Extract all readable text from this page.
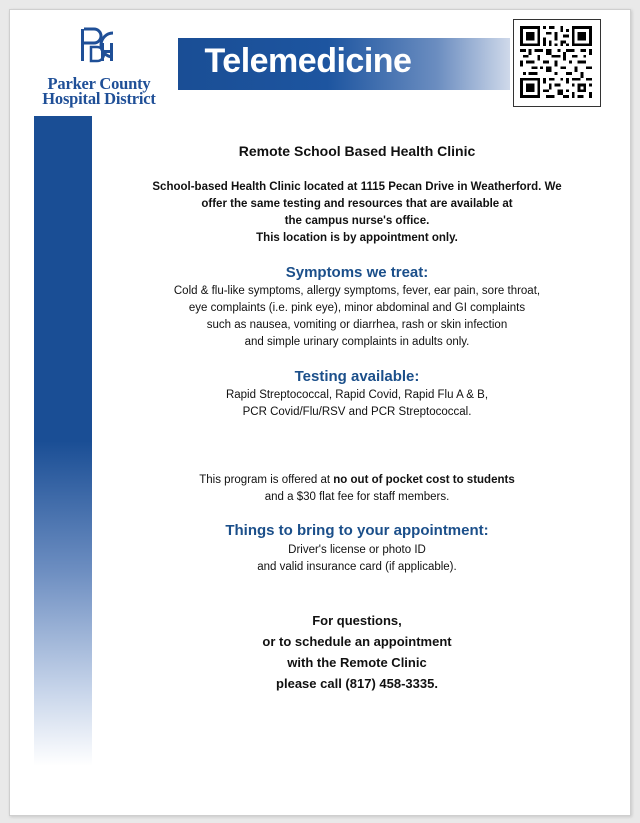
Parker County
Hospital District
Telemedicine
Remote School Based Health Clinic
School-based Health Clinic located at 1115 Pecan Drive in Weatherford. We
offer the same testing and resources that are available at
the campus nurse's office.
This location is by appointment only.
Symptoms we treat:
Cold & flu-like symptoms, allergy symptoms, fever, ear pain, sore throat,
eye complaints (i.e. pink eye), minor abdominal and GI complaints
such as nausea, vomiting or diarrhea, rash or skin infection
and simple urinary complaints in adults only.
Testing available:
Rapid Streptococcal, Rapid Covid, Rapid Flu A & B,
PCR Covid/Flu/RSV and PCR Streptococcal.
This program is offered at no out of pocket cost to students
and a $30 flat fee for staff members.
Things to bring to your appointment:
Driver's license or photo ID
and valid insurance card (if applicable).
For questions,
or to schedule an appointment
with the Remote Clinic
please call (817) 458-3335.
